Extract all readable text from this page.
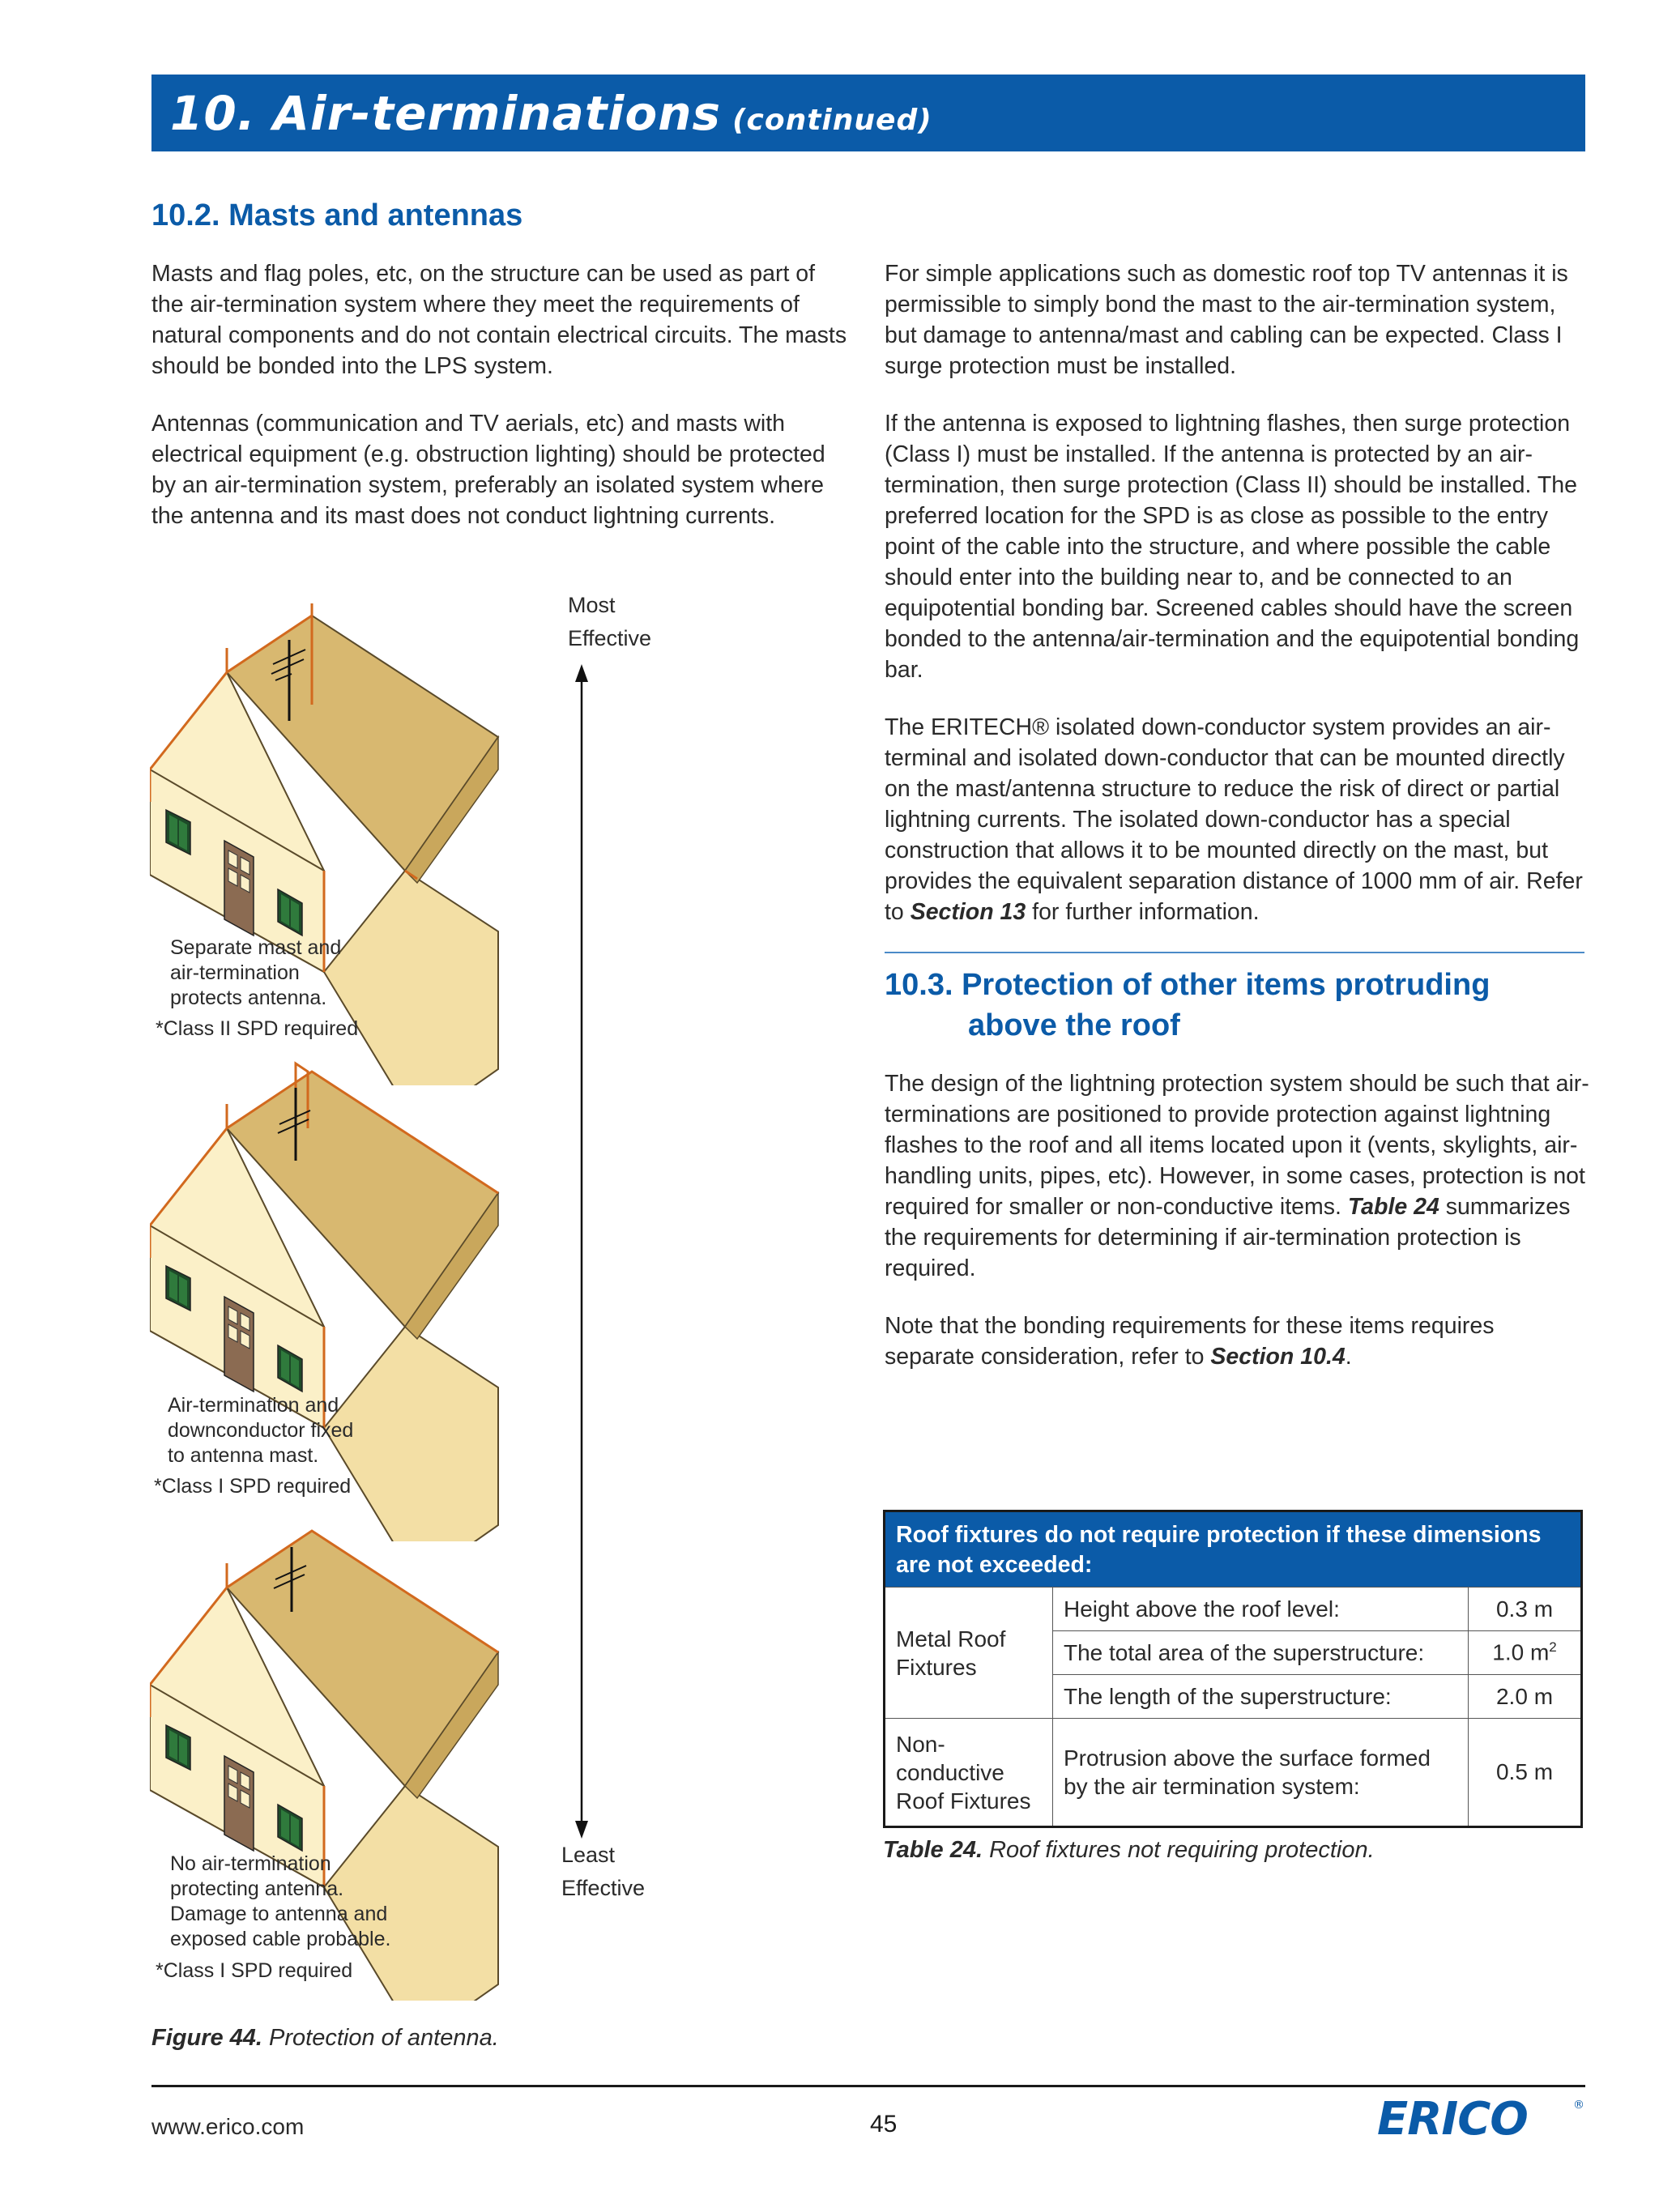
10. Air-terminations (continued)
10.2. Masts and antennas

Masts and flag poles, etc, on the structure can be used as part of the air-termination system where they meet the requirements of natural components and do not contain electrical circuits. The masts should be bonded into the LPS system.

Antennas (communication and TV aerials, etc) and masts with electrical equipment (e.g. obstruction lighting) should be protected by an air-termination system, preferably an isolated system where the antenna and its mast does not conduct lightning currents.

For simple applications such as domestic roof top TV antennas it is permissible to simply bond the mast to the air-termination system, but damage to antenna/mast and cabling can be expected. Class I surge protection must be installed.

If the antenna is exposed to lightning flashes, then surge protection (Class I) must be installed. If the antenna is protected by an air-termination, then surge protection (Class II) should be installed. The preferred location for the SPD is as close as possible to the entry point of the cable into the structure, and where possible the cable should enter into the building near to, and be connected to an equipotential bonding bar. Screened cables should have the screen bonded to the antenna/air-termination and the equipotential bonding bar.

The ERITECH® isolated down-conductor system provides an air-terminal and isolated down-conductor that can be mounted directly on the mast/antenna structure to reduce the risk of direct or partial lightning currents. The isolated down-conductor has a special construction that allows it to be mounted directly on the mast, but provides the equivalent separation distance of 1000 mm of air. Refer to Section 13 for further information.

10.3. Protection of other items protruding
above the roof

The design of the lightning protection system should be such that air-terminations are positioned to provide protection against lightning flashes to the roof and all items located upon it (vents, skylights, air-handling units, pipes, etc). However, in some cases, protection is not required for smaller or non-conductive items. Table 24 summarizes the requirements for determining if air-termination protection is required.

Note that the bonding requirements for these items requires separate consideration, refer to Section 10.4.

Separate mast and
air-termination
protects antenna.
*Class II SPD required
Air-termination and
downconductor fixed
to antenna mast.
*Class I SPD required
No air-termination
protecting antenna.
Damage to antenna and
exposed cable probable.
*Class I SPD required
Most
Effective
Least
Effective
Figure 44. Protection of antenna.
Roof fixtures do not require protection if these dimensions are not exceeded:		
Metal Roof Fixtures	Height above the roof level:	0.3 m
	The total area of the superstructure:	1.0 $m^2$
	The length of the superstructure:	2.0 m
Non-conductive Roof Fixtures	Protrusion above the surface formed by the air termination system:	0.5 m
Table 24. Roof fixtures not requiring protection.
www.erico.com	45	ERICO	®
